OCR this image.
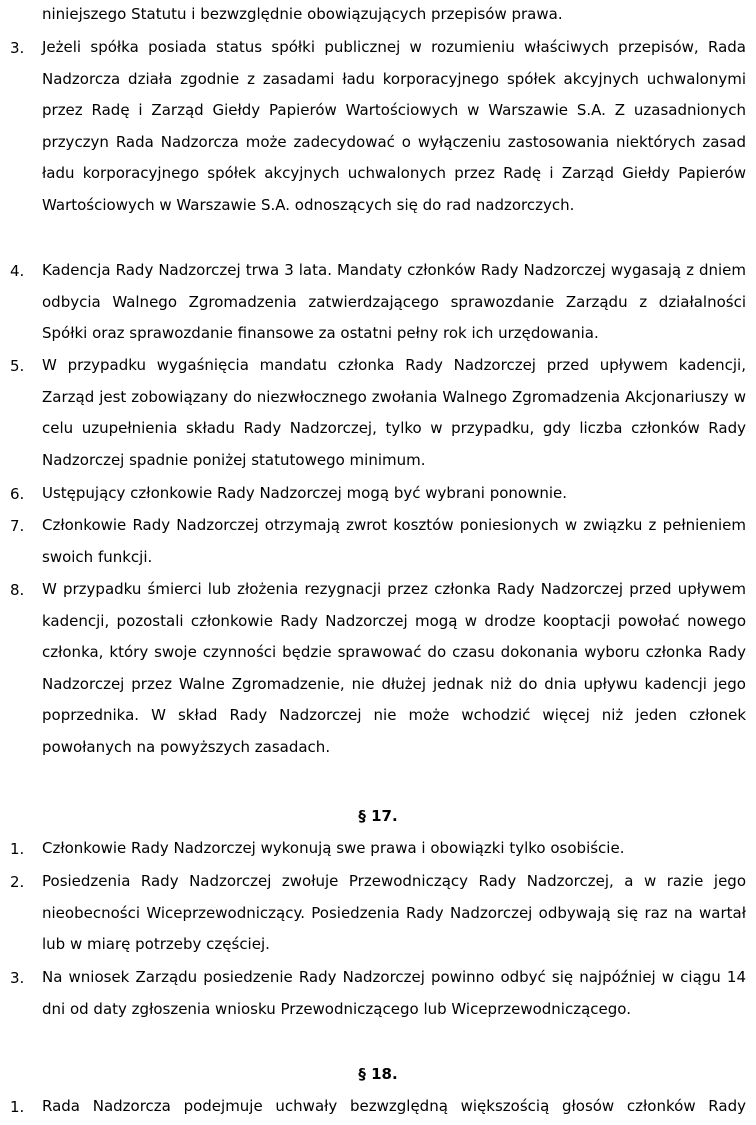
niniejszego Statutu i bezwzględnie obowiązujących przepisów prawa.
3. Jeżeli spółka posiada status spółki publicznej w rozumieniu właściwych przepisów, Rada Nadzorcza działa zgodnie z zasadami ładu korporacyjnego spółek akcyjnych uchwalonymi przez Radę i Zarząd Giełdy Papierów Wartościowych w Warszawie S.A. Z uzasadnionych przyczyn Rada Nadzorcza może zadecydować o wyłączeniu zastosowania niektórych zasad ładu korporacyjnego spółek akcyjnych uchwalonych przez Radę i Zarząd Giełdy Papierów Wartościowych w Warszawie S.A. odnoszących się do rad nadzorczych.
4. Kadencja Rady Nadzorczej trwa 3 lata. Mandaty członków Rady Nadzorczej wygasają z dniem odbycia Walnego Zgromadzenia zatwierdzającego sprawozdanie Zarządu z działalności Spółki oraz sprawozdanie finansowe za ostatni pełny rok ich urzędowania.
5. W przypadku wygaśnięcia mandatu członka Rady Nadzorczej przed upływem kadencji, Zarząd jest zobowiązany do niezwłocznego zwołania Walnego Zgromadzenia Akcjonariuszy w celu uzupełnienia składu Rady Nadzorczej, tylko w przypadku, gdy liczba członków Rady Nadzorczej spadnie poniżej statutowego minimum.
6. Ustępujący członkowie Rady Nadzorczej mogą być wybrani ponownie.
7. Członkowie Rady Nadzorczej otrzymają zwrot kosztów poniesionych w związku z pełnieniem swoich funkcji.
8. W przypadku śmierci lub złożenia rezygnacji przez członka Rady Nadzorczej przed upływem kadencji, pozostali członkowie Rady Nadzorczej mogą w drodze kooptacji powołać nowego członka, który swoje czynności będzie sprawować do czasu dokonania wyboru członka Rady Nadzorczej przez Walne Zgromadzenie, nie dłużej jednak niż do dnia upływu kadencji jego poprzednika. W skład Rady Nadzorczej nie może wchodzić więcej niż jeden członek powołanych na powyższych zasadach.
§ 17.
1. Członkowie Rady Nadzorczej wykonują swe prawa i obowiązki tylko osobiście.
2. Posiedzenia Rady Nadzorczej zwołuje Przewodniczący Rady Nadzorczej, a w razie jego nieobecności Wiceprzewodniczący. Posiedzenia Rady Nadzorczej odbywają się raz na wartał lub w miarę potrzeby częściej.
3. Na wniosek Zarządu posiedzenie Rady Nadzorczej powinno odbyć się najpóźniej w ciągu 14 dni od daty zgłoszenia wniosku Przewodniczącego lub Wiceprzewodniczącego.
§ 18.
1. Rada Nadzorcza podejmuje uchwały bezwzględną większością głosów członków Rady
